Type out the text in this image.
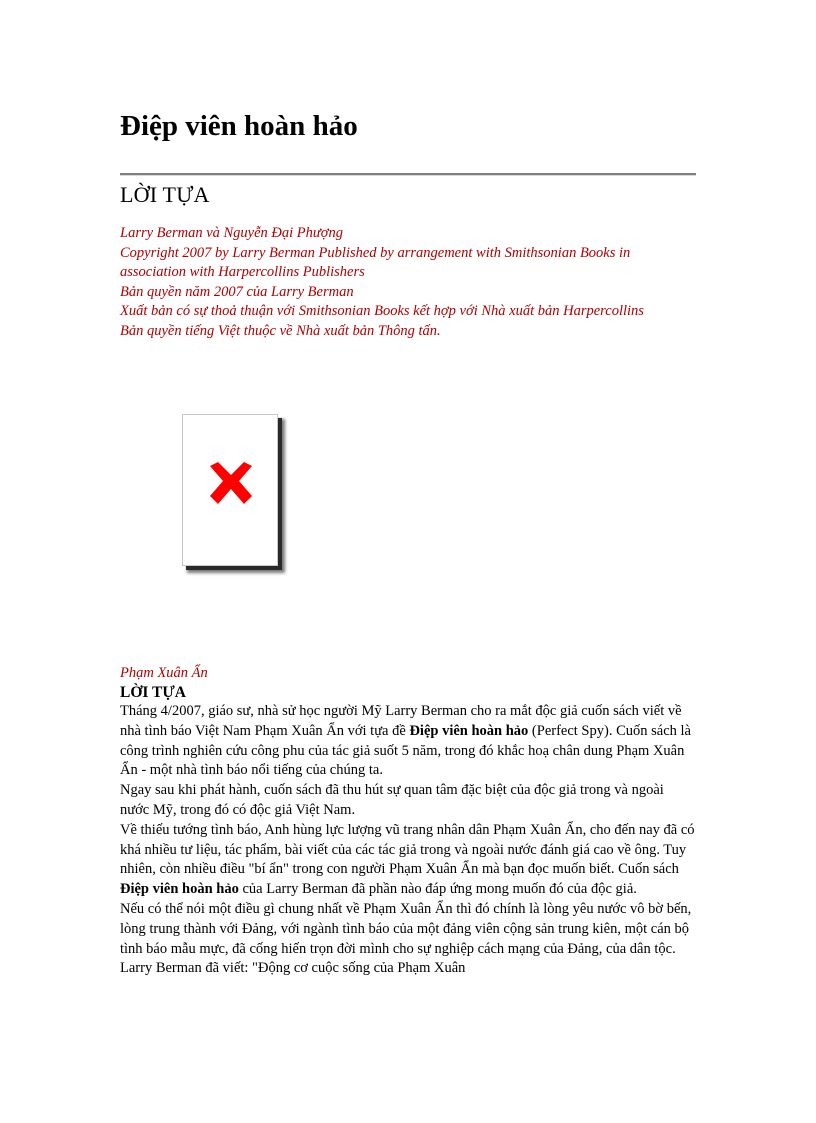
Điệp viên hoàn hảo
LỜI TỰA
Larry Berman và Nguyễn Đại Phượng
Copyright 2007 by Larry Berman Published by arrangement with Smithsonian Books in association with Harpercollins Publishers
Bản quyền năm 2007 của Larry Berman
Xuất bản có sự thoả thuận với Smithsonian Books kết hợp với Nhà xuất bản Harpercollins
Bản quyền tiếng Việt thuộc về Nhà xuất bản Thông tấn.
Phạm Xuân Ẩn
LỜI TỰA

Tháng 4/2007, giáo sư, nhà sử học người Mỹ Larry Berman cho ra mắt độc giả cuốn sách viết về nhà tình báo Việt Nam Phạm Xuân Ẩn với tựa đề Điệp viên hoàn hảo (Perfect Spy). Cuốn sách là công trình nghiên cứu công phu của tác giả suốt 5 năm, trong đó khắc hoạ chân dung Phạm Xuân Ẩn - một nhà tình báo nổi tiếng của chúng ta.

Ngay sau khi phát hành, cuốn sách đã thu hút sự quan tâm đặc biệt của độc giả trong và ngoài nước Mỹ, trong đó có độc giả Việt Nam.

Về thiếu tướng tình báo, Anh hùng lực lượng vũ trang nhân dân Phạm Xuân Ẩn, cho đến nay đã có khá nhiều tư liệu, tác phẩm, bài viết của các tác giả trong và ngoài nước đánh giá cao về ông. Tuy nhiên, còn nhiều điều "bí ẩn" trong con người Phạm Xuân Ẩn mà bạn đọc muốn biết. Cuốn sách Điệp viên hoàn hảo của Larry Berman đã phần nào đáp ứng mong muốn đó của độc giả.

Nếu có thể nói một điều gì chung nhất về Phạm Xuân Ẩn thì đó chính là lòng yêu nước vô bờ bến, lòng trung thành với Đảng, với ngành tình báo của một đảng viên cộng sản trung kiên, một cán bộ tình báo mẫu mực, đã cống hiến trọn đời mình cho sự nghiệp cách mạng của Đảng, của dân tộc. Larry Berman đã viết: "Động cơ cuộc sống của Phạm Xuân
